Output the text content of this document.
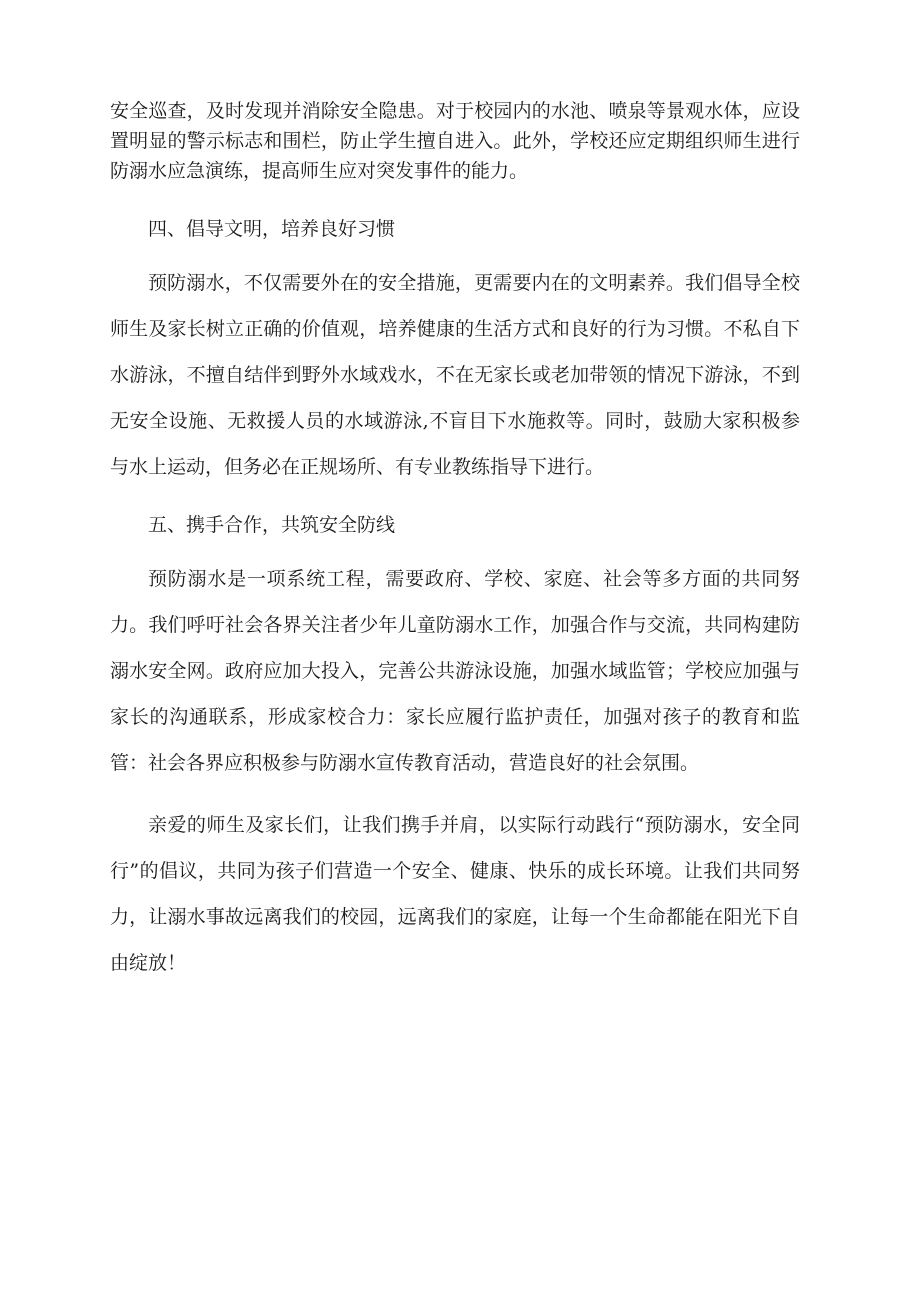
安全巡查，及时发现并消除安全隐患。对于校园内的水池、喷泉等景观水体，应设置明显的警示标志和围栏，防止学生擅自进入。此外，学校还应定期组织师生进行防溺水应急演练，提高师生应对突发事件的能力。

四、倡导文明，培养良好习惯

预防溺水，不仅需要外在的安全措施，更需要内在的文明素养。我们倡导全校师生及家长树立正确的价值观，培养健康的生活方式和良好的行为习惯。不私自下水游泳，不擅自结伴到野外水域戏水，不在无家长或老加带领的情况下游泳，不到无安全设施、无救援人员的水域游泳,不盲目下水施救等。同时，鼓励大家积极参与水上运动，但务必在正规场所、有专业教练指导下进行。

五、携手合作，共筑安全防线

预防溺水是一项系统工程，需要政府、学校、家庭、社会等多方面的共同努力。我们呼吁社会各界关注者少年儿童防溺水工作，加强合作与交流，共同构建防溺水安全网。政府应加大投入，完善公共游泳设施，加强水域监管；学校应加强与家长的沟通联系，形成家校合力：家长应履行监护责任，加强对孩子的教育和监管：社会各界应积极参与防溺水宣传教育活动，营造良好的社会氛围。

亲爱的师生及家长们，让我们携手并肩，以实际行动践行“预防溺水，安全同行”的倡议，共同为孩子们营造一个安全、健康、快乐的成长环境。让我们共同努力，让溺水事故远离我们的校园，远离我们的家庭，让每一个生命都能在阳光下自由绽放！
